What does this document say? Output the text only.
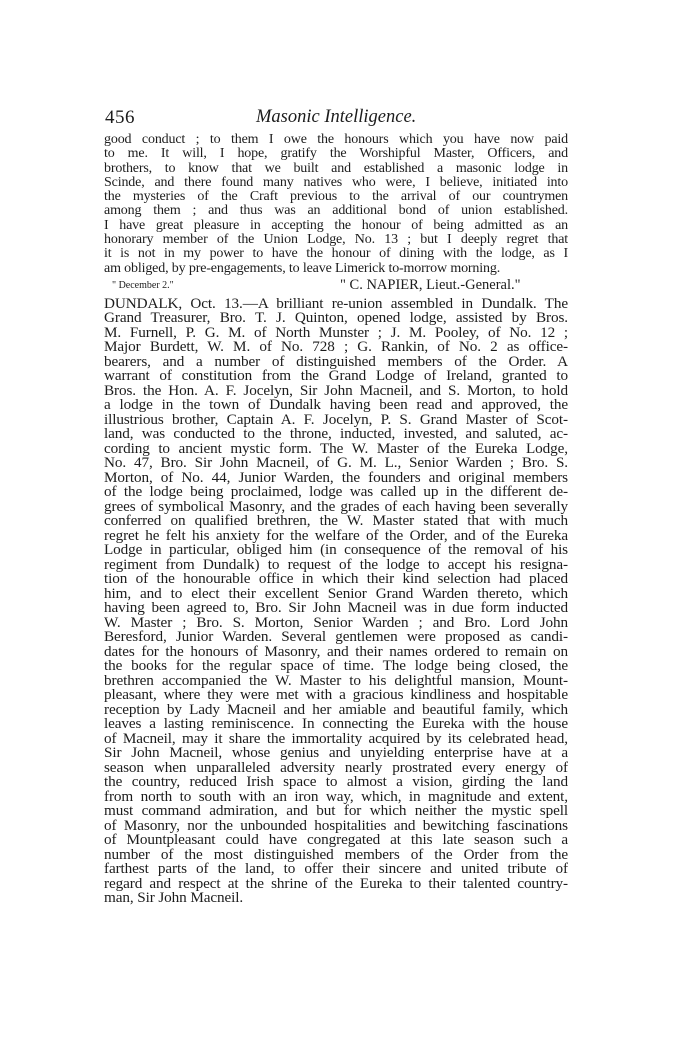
456	Masonic Intelligence.
good conduct ; to them I owe the honours which you have now paid
to me. It will, I hope, gratify the Worshipful Master, Officers, and
brothers, to know that we built and established a masonic lodge in
Scinde, and there found many natives who were, I believe, initiated into
the mysteries of the Craft previous to the arrival of our countrymen
among them ; and thus was an additional bond of union established.
I have great pleasure in accepting the honour of being admitted as an
honorary member of the Union Lodge, No. 13 ; but I deeply regret that
it is not in my power to have the honour of dining with the lodge, as I
am obliged, by pre-engagements, to leave Limerick to-morrow morning.
" December 2."	" C. NAPIER, Lieut.-General."
DUNDALK, Oct. 13.—A brilliant re-union assembled in Dundalk. The
Grand Treasurer, Bro. T. J. Quinton, opened lodge, assisted by Bros.
M. Furnell, P. G. M. of North Munster ; J. M. Pooley, of No. 12 ;
Major Burdett, W. M. of No. 728 ; G. Rankin, of No. 2 as office-
bearers, and a number of distinguished members of the Order. A
warrant of constitution from the Grand Lodge of Ireland, granted to
Bros. the Hon. A. F. Jocelyn, Sir John Macneil, and S. Morton, to hold
a lodge in the town of Dundalk having been read and approved, the
illustrious brother, Captain A. F. Jocelyn, P. S. Grand Master of Scot-
land, was conducted to the throne, inducted, invested, and saluted, ac-
cording to ancient mystic form. The W. Master of the Eureka Lodge,
No. 47, Bro. Sir John Macneil, of G. M. L., Senior Warden ; Bro. S.
Morton, of No. 44, Junior Warden, the founders and original members
of the lodge being proclaimed, lodge was called up in the different de-
grees of symbolical Masonry, and the grades of each having been severally
conferred on qualified brethren, the W. Master stated that with much
regret he felt his anxiety for the welfare of the Order, and of the Eureka
Lodge in particular, obliged him (in consequence of the removal of his
regiment from Dundalk) to request of the lodge to accept his resigna-
tion of the honourable office in which their kind selection had placed
him, and to elect their excellent Senior Grand Warden thereto, which
having been agreed to, Bro. Sir John Macneil was in due form inducted
W. Master ; Bro. S. Morton, Senior Warden ; and Bro. Lord John
Beresford, Junior Warden. Several gentlemen were proposed as candi-
dates for the honours of Masonry, and their names ordered to remain on
the books for the regular space of time. The lodge being closed, the
brethren accompanied the W. Master to his delightful mansion, Mount-
pleasant, where they were met with a gracious kindliness and hospitable
reception by Lady Macneil and her amiable and beautiful family, which
leaves a lasting reminiscence. In connecting the Eureka with the house
of Macneil, may it share the immortality acquired by its celebrated head,
Sir John Macneil, whose genius and unyielding enterprise have at a
season when unparalleled adversity nearly prostrated every energy of
the country, reduced Irish space to almost a vision, girding the land
from north to south with an iron way, which, in magnitude and extent,
must command admiration, and but for which neither the mystic spell
of Masonry, nor the unbounded hospitalities and bewitching fascinations
of Mountpleasant could have congregated at this late season such a
number of the most distinguished members of the Order from the
farthest parts of the land, to offer their sincere and united tribute of
regard and respect at the shrine of the Eureka to their talented country-
man, Sir John Macneil.
